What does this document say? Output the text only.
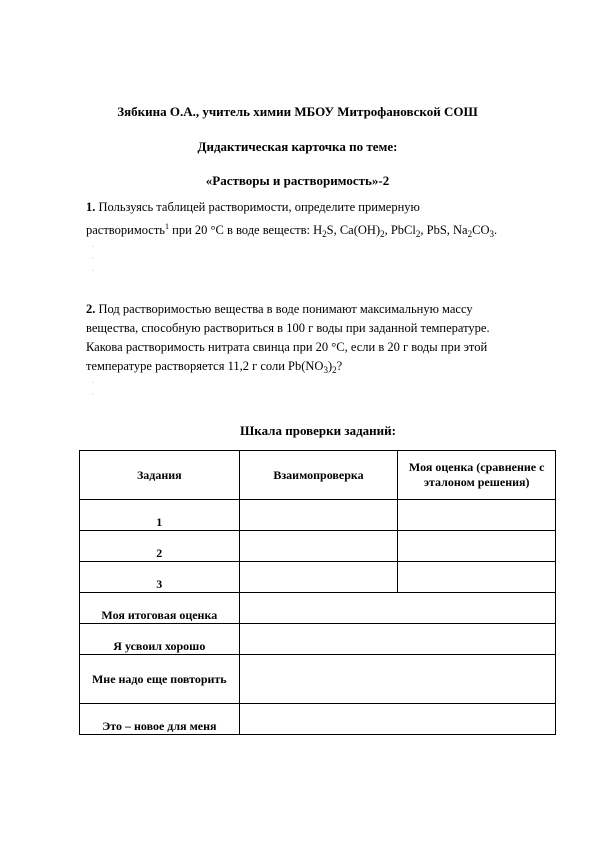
Зябкина О.А., учитель химии МБОУ Митрофановской СОШ
Дидактическая карточка по теме:
«Растворы и растворимость»-2
1. Пользуясь таблицей растворимости, определите примерную
растворимость$^1$ при 20 °С в воде веществ: $H_2S$, $Ca(OH)_2$, PbCl$_2$, PbS, $Na_2CO_3$.
·
·
·
2. Под растворимостью вещества в воде понимают максимальную массу
вещества, способную раствориться в 100 г воды при заданной температуре.
Какова растворимость нитрата свинца при 20 °С, если в 20 г воды при этой
температуре растворяется 11,2 г соли $Pb(NO_3)_2$?
·
·
Шкала проверки заданий:
Задания	Взаимопроверка	Моя оценка (сравнение с эталоном решения)
1		
2		
3		
Моя итоговая оценка		
Я усвоил хорошо		
Мне надо еще повторить		
Это – новое для меня		
